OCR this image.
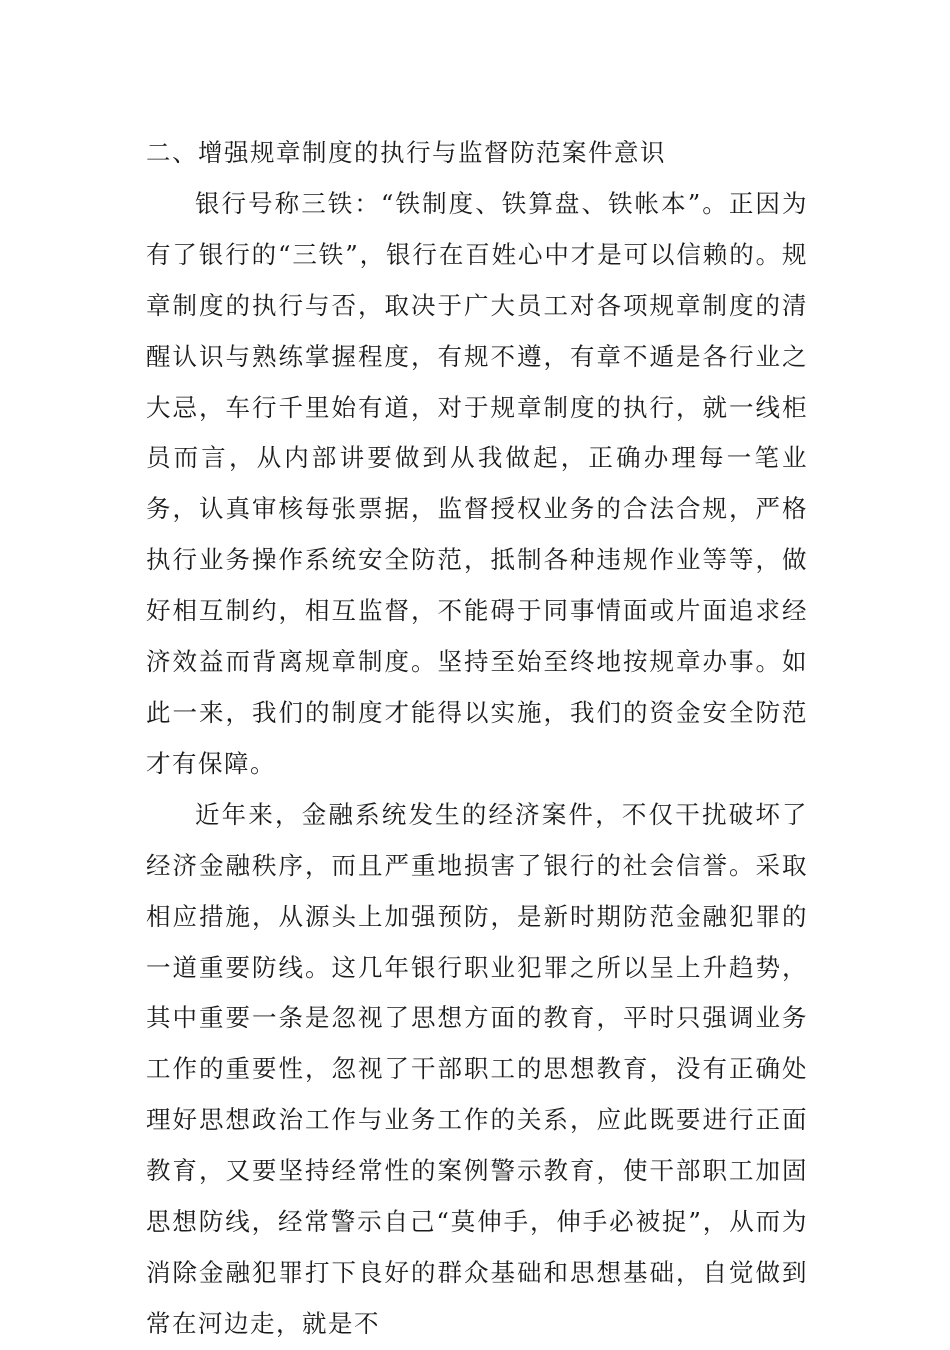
二、增强规章制度的执行与监督防范案件意识

银行号称三铁：“铁制度、铁算盘、铁帐本”。正因为有了银行的“三铁”，银行在百姓心中才是可以信赖的。规章制度的执行与否，取决于广大员工对各项规章制度的清醒认识与熟练掌握程度，有规不遵，有章不遁是各行业之大忌，车行千里始有道，对于规章制度的执行，就一线柜员而言，从内部讲要做到从我做起，正确办理每一笔业务，认真审核每张票据，监督授权业务的合法合规，严格执行业务操作系统安全防范，抵制各种违规作业等等，做好相互制约，相互监督，不能碍于同事情面或片面追求经济效益而背离规章制度。坚持至始至终地按规章办事。如此一来，我们的制度才能得以实施，我们的资金安全防范才有保障。

近年来，金融系统发生的经济案件，不仅干扰破坏了经济金融秩序，而且严重地损害了银行的社会信誉。采取相应措施，从源头上加强预防，是新时期防范金融犯罪的一道重要防线。这几年银行职业犯罪之所以呈上升趋势，其中重要一条是忽视了思想方面的教育，平时只强调业务工作的重要性，忽视了干部职工的思想教育，没有正确处理好思想政治工作与业务工作的关系，应此既要进行正面教育，又要坚持经常性的案例警示教育，使干部职工加固思想防线，经常警示自己“莫伸手，伸手必被捉”，从而为消除金融犯罪打下良好的群众基础和思想基础，自觉做到常在河边走，就是不
